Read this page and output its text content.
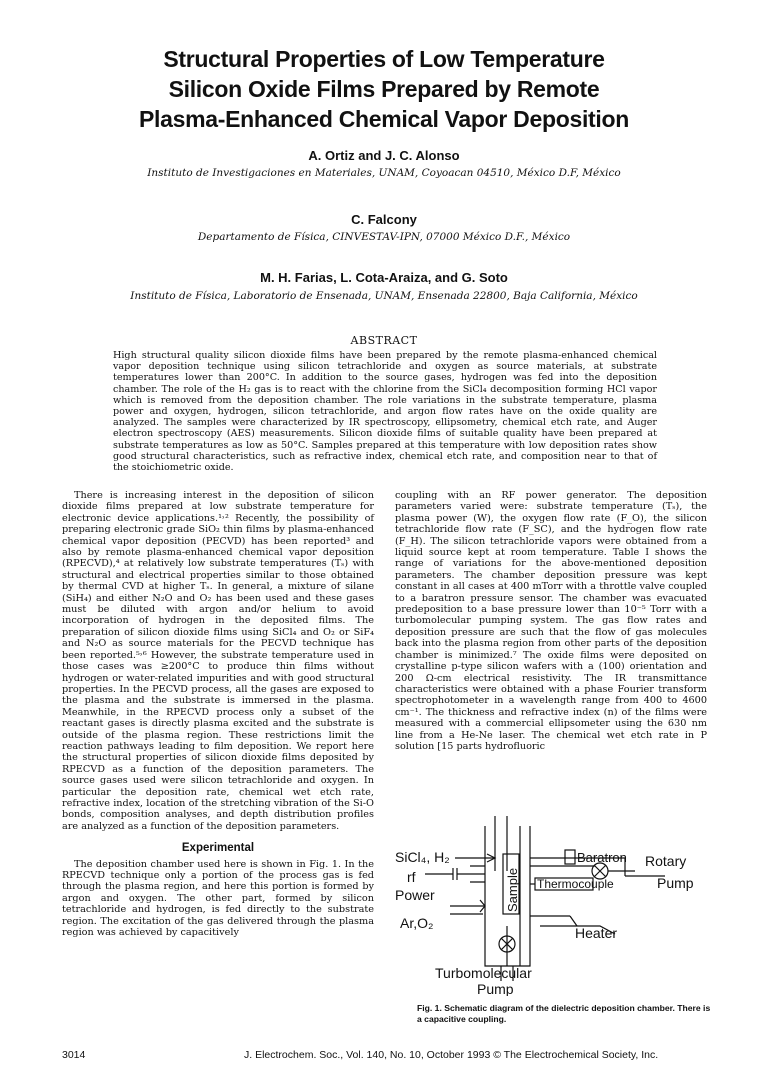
Structural Properties of Low Temperature
Silicon Oxide Films Prepared by Remote
Plasma-Enhanced Chemical Vapor Deposition
A. Ortiz and J. C. Alonso
Instituto de Investigaciones en Materiales, UNAM, Coyoacan 04510, México D.F, México
C. Falcony
Departamento de Física, CINVESTAV-IPN, 07000 México D.F., México
M. H. Farias, L. Cota-Araiza, and G. Soto
Instituto de Física, Laboratorio de Ensenada, UNAM, Ensenada 22800, Baja California, México
ABSTRACT
High structural quality silicon dioxide films have been prepared by the remote plasma-enhanced chemical vapor deposition technique using silicon tetrachloride and oxygen as source materials, at substrate temperatures lower than 200°C. In addition to the source gases, hydrogen was fed into the deposition chamber. The role of the H₂ gas is to react with the chlorine from the SiCl₄ decomposition forming HCl vapor which is removed from the deposition chamber. The role variations in the substrate temperature, plasma power and oxygen, hydrogen, silicon tetrachloride, and argon flow rates have on the oxide quality are analyzed. The samples were characterized by IR spectroscopy, ellipsometry, chemical etch rate, and Auger electron spectroscopy (AES) measurements. Silicon dioxide films of suitable quality have been prepared at substrate temperatures as low as 50°C. Samples prepared at this temperature with low deposition rates show good structural characteristics, such as refractive index, chemical etch rate, and composition near to that of the stoichiometric oxide.

There is increasing interest in the deposition of silicon dioxide films prepared at low substrate temperature for electronic device applications.¹˒² Recently, the possibility of preparing electronic grade SiO₂ thin films by plasma-enhanced chemical vapor deposition (PECVD) has been reported³ and also by remote plasma-enhanced chemical vapor deposition (RPECVD),⁴ at relatively low substrate temperatures (Tₛ) with structural and electrical properties similar to those obtained by thermal CVD at higher Tₛ. In general, a mixture of silane (SiH₄) and either N₂O and O₂ has been used and these gases must be diluted with argon and/or helium to avoid incorporation of hydrogen in the deposited films. The preparation of silicon dioxide films using SiCl₄ and O₂ or SiF₄ and N₂O as source materials for the PECVD technique has been reported.⁵˒⁶ However, the substrate temperature used in those cases was ≥200°C to produce thin films without hydrogen or water-related impurities and with good structural properties. In the PECVD process, all the gases are exposed to the plasma and the substrate is immersed in the plasma. Meanwhile, in the RPECVD process only a subset of the reactant gases is directly plasma excited and the substrate is outside of the plasma region. These restrictions limit the reaction pathways leading to film deposition. We report here the structural properties of silicon dioxide films deposited by RPECVD as a function of the deposition parameters. The source gases used were silicon tetrachloride and oxygen. In particular the deposition rate, chemical wet etch rate, refractive index, location of the stretching vibration of the Si-O bonds, composition analyses, and depth distribution profiles are analyzed as a function of the deposition parameters.

Experimental

The deposition chamber used here is shown in Fig. 1. In the RPECVD technique only a portion of the process gas is fed through the plasma region, and here this portion is formed by argon and oxygen. The other part, formed by silicon tetrachloride and hydrogen, is fed directly to the substrate region. The excitation of the gas delivered through the plasma region was achieved by capacitively

coupling with an RF power generator. The deposition parameters varied were: substrate temperature (Tₛ), the plasma power (W), the oxygen flow rate (F_O), the silicon tetrachloride flow rate (F_SC), and the hydrogen flow rate (F_H). The silicon tetrachloride vapors were obtained from a liquid source kept at room temperature. Table I shows the range of variations for the above-mentioned deposition parameters. The chamber deposition pressure was kept constant in all cases at 400 mTorr with a throttle valve coupled to a baratron pressure sensor. The chamber was evacuated predeposition to a base pressure lower than 10⁻⁵ Torr with a turbomolecular pumping system. The gas flow rates and deposition pressure are such that the flow of gas molecules back into the plasma region from other parts of the deposition chamber is minimized.⁷ The oxide films were deposited on crystalline p-type silicon wafers with a (100) orientation and 200 Ω-cm electrical resistivity. The IR transmittance characteristics were obtained with a phase Fourier transform spectrophotometer in a wavelength range from 400 to 4600 cm⁻¹. The thickness and refractive index (n) of the films were measured with a commercial ellipsometer using the 630 nm line from a He-Ne laser. The chemical wet etch rate in P solution [15 parts hydrofluoric

SiCl₄, H₂
rf
Power
Ar,O₂
Sample
Baratron Rotary
Pump
Thermocouple
Heater
Turbomolecular
Pump
Fig. 1. Schematic diagram of the dielectric deposition chamber. There is a capacitive coupling.
3014	J. Electrochem. Soc., Vol. 140, No. 10, October 1993 © The Electrochemical Society, Inc.
